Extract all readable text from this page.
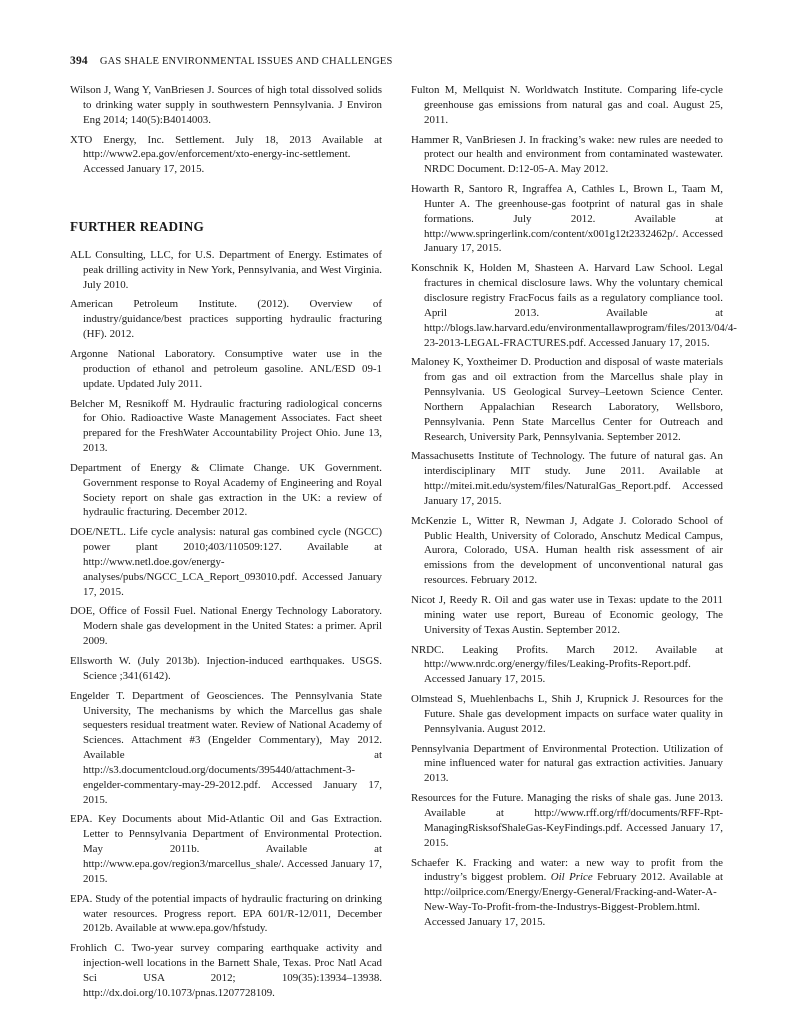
394 GAS SHALE ENVIRONMENTAL ISSUES AND CHALLENGES

Wilson J, Wang Y, VanBriesen J. Sources of high total dissolved solids to drinking water supply in southwestern Pennsylvania. J Environ Eng 2014; 140(5):B4014003.

XTO Energy, Inc. Settlement. July 18, 2013 Available at http://www2.epa.gov/enforcement/xto-energy-inc-settlement. Accessed January 17, 2015.

FURTHER READING

ALL Consulting, LLC, for U.S. Department of Energy. Estimates of peak drilling activity in New York, Pennsylvania, and West Virginia. July 2010.

American Petroleum Institute. (2012). Overview of industry/guidance/best practices supporting hydraulic fracturing (HF). 2012.

Argonne National Laboratory. Consumptive water use in the production of ethanol and petroleum gasoline. ANL/ESD 09-1 update. Updated July 2011.

Belcher M, Resnikoff M. Hydraulic fracturing radiological concerns for Ohio. Radioactive Waste Management Associates. Fact sheet prepared for the FreshWater Accountability Project Ohio. June 13, 2013.

Department of Energy & Climate Change. UK Government. Government response to Royal Academy of Engineering and Royal Society report on shale gas extraction in the UK: a review of hydraulic fracturing. December 2012.

DOE/NETL. Life cycle analysis: natural gas combined cycle (NGCC) power plant 2010;403/110509:127. Available at http://www.netl.doe.gov/energy-analyses/pubs/NGCC_LCA_Report_093010.pdf. Accessed January 17, 2015.

DOE, Office of Fossil Fuel. National Energy Technology Laboratory. Modern shale gas development in the United States: a primer. April 2009.

Ellsworth W. (July 2013b). Injection-induced earthquakes. USGS. Science ;341(6142).

Engelder T. Department of Geosciences. The Pennsylvania State University, The mechanisms by which the Marcellus gas shale sequesters residual treatment water. Review of National Academy of Sciences. Attachment #3 (Engelder Commentary), May 2012. Available at http://s3.documentcloud.org/documents/395440/attachment-3-engelder-commentary-may-29-2012.pdf. Accessed January 17, 2015.

EPA. Key Documents about Mid-Atlantic Oil and Gas Extraction. Letter to Pennsylvania Department of Environmental Protection. May 2011b. Available at http://www.epa.gov/region3/marcellus_shale/. Accessed January 17, 2015.

EPA. Study of the potential impacts of hydraulic fracturing on drinking water resources. Progress report. EPA 601/R-12/011, December 2012b. Available at www.epa.gov/hfstudy.

Frohlich C. Two-year survey comparing earthquake activity and injection-well locations in the Barnett Shale, Texas. Proc Natl Acad Sci USA 2012; 109(35):13934–13938. http://dx.doi.org/10.1073/pnas.1207728109.

Fulton M, Mellquist N. Worldwatch Institute. Comparing life-cycle greenhouse gas emissions from natural gas and coal. August 25, 2011.

Hammer R, VanBriesen J. In fracking’s wake: new rules are needed to protect our health and environment from contaminated wastewater. NRDC Document. D:12-05-A. May 2012.

Howarth R, Santoro R, Ingraffea A, Cathles L, Brown L, Taam M, Hunter A. The greenhouse-gas footprint of natural gas in shale formations. July 2012. Available at http://www.springerlink.com/content/x001g12t2332462p/. Accessed January 17, 2015.

Konschnik K, Holden M, Shasteen A. Harvard Law School. Legal fractures in chemical disclosure laws. Why the voluntary chemical disclosure registry FracFocus fails as a regulatory compliance tool. April 2013. Available at http://blogs.law.harvard.edu/environmentallawprogram/files/2013/04/4-23-2013-LEGAL-FRACTURES.pdf. Accessed January 17, 2015.

Maloney K, Yoxtheimer D. Production and disposal of waste materials from gas and oil extraction from the Marcellus shale play in Pennsylvania. US Geological Survey–Leetown Science Center. Northern Appalachian Research Laboratory, Wellsboro, Pennsylvania. Penn State Marcellus Center for Outreach and Research, University Park, Pennsylvania. September 2012.

Massachusetts Institute of Technology. The future of natural gas. An interdisciplinary MIT study. June 2011. Available at http://mitei.mit.edu/system/files/NaturalGas_Report.pdf. Accessed January 17, 2015.

McKenzie L, Witter R, Newman J, Adgate J. Colorado School of Public Health, University of Colorado, Anschutz Medical Campus, Aurora, Colorado, USA. Human health risk assessment of air emissions from the development of unconventional natural gas resources. February 2012.

Nicot J, Reedy R. Oil and gas water use in Texas: update to the 2011 mining water use report, Bureau of Economic geology, The University of Texas Austin. September 2012.

NRDC. Leaking Profits. March 2012. Available at http://www.nrdc.org/energy/files/Leaking-Profits-Report.pdf. Accessed January 17, 2015.

Olmstead S, Muehlenbachs L, Shih J, Krupnick J. Resources for the Future. Shale gas development impacts on surface water quality in Pennsylvania. August 2012.

Pennsylvania Department of Environmental Protection. Utilization of mine influenced water for natural gas extraction activities. January 2013.

Resources for the Future. Managing the risks of shale gas. June 2013. Available at http://www.rff.org/rff/documents/RFF-Rpt-ManagingRisksofShaleGas-KeyFindings.pdf. Accessed January 17, 2015.

Schaefer K. Fracking and water: a new way to profit from the industry’s biggest problem. Oil Price February 2012. Available at http://oilprice.com/Energy/Energy-General/Fracking-and-Water-A-New-Way-To-Profit-from-the-Industrys-Biggest-Problem.html. Accessed January 17, 2015.
